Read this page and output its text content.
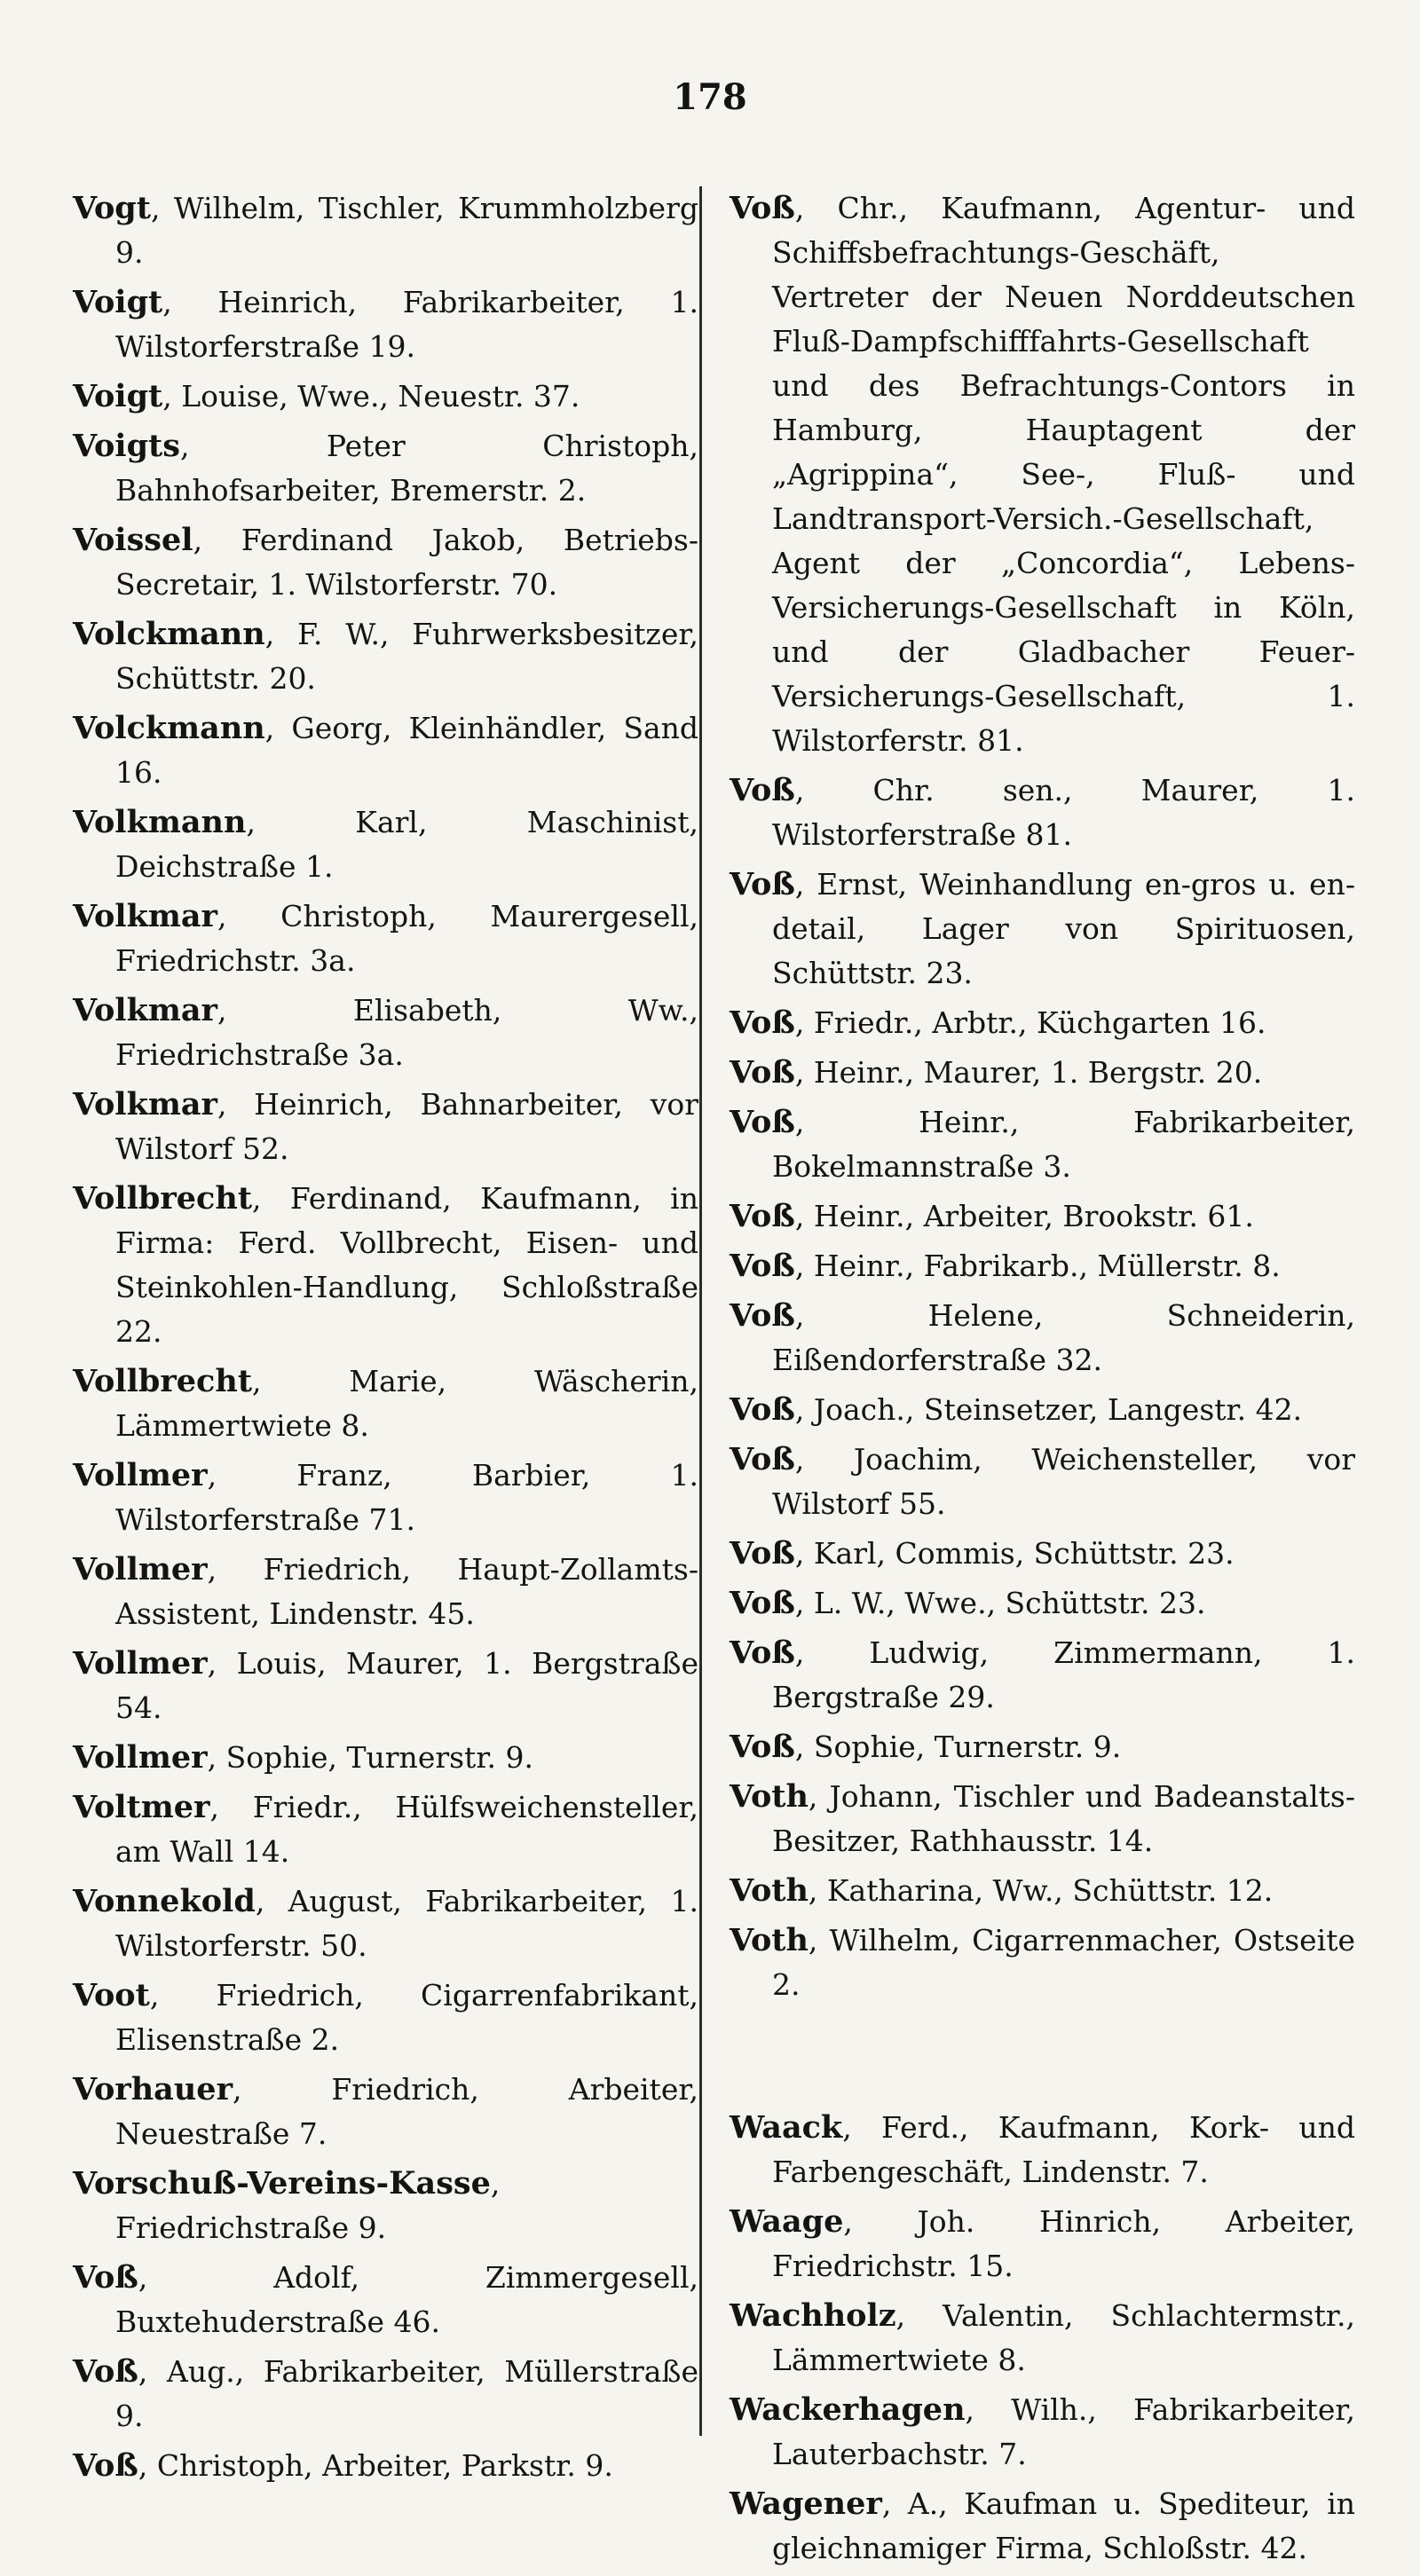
178
Vogt, Wilhelm, Tischler, Krummholzberg 9.
Voigt, Heinrich, Fabrikarbeiter, 1. Wilstorferstraße 19.
Voigt, Louise, Wwe., Neuestr. 37.
Voigts, Peter Christoph, Bahnhofsarbeiter, Bremerstr. 2.
Voissel, Ferdinand Jakob, Betriebs-Secretair, 1. Wilstorferstr. 70.
Volckmann, F. W., Fuhrwerksbesitzer, Schüttstr. 20.
Volckmann, Georg, Kleinhändler, Sand 16.
Volkmann, Karl, Maschinist, Deichstraße 1.
Volkmar, Christoph, Maurergesell, Friedrichstr. 3a.
Volkmar, Elisabeth, Ww., Friedrichstraße 3a.
Volkmar, Heinrich, Bahnarbeiter, vor Wilstorf 52.
Vollbrecht, Ferdinand, Kaufmann, in Firma: Ferd. Vollbrecht, Eisen- und Steinkohlen-Handlung, Schloßstraße 22.
Vollbrecht, Marie, Wäscherin, Lämmertwiete 8.
Vollmer, Franz, Barbier, 1. Wilstorferstraße 71.
Vollmer, Friedrich, Haupt-Zollamts-Assistent, Lindenstr. 45.
Vollmer, Louis, Maurer, 1. Bergstraße 54.
Vollmer, Sophie, Turnerstr. 9.
Voltmer, Friedr., Hülfsweichensteller, am Wall 14.
Vonnekold, August, Fabrikarbeiter, 1. Wilstorferstr. 50.
Voot, Friedrich, Cigarrenfabrikant, Elisenstraße 2.
Vorhauer, Friedrich, Arbeiter, Neuestraße 7.
Vorschuß-Vereins-Kasse, Friedrichstraße 9.
Voß, Adolf, Zimmergesell, Buxtehuderstraße 46.
Voß, Aug., Fabrikarbeiter, Müllerstraße 9.
Voß, Christoph, Arbeiter, Parkstr. 9.
Voß, Chr., Kaufmann, Agentur- und Schiffsbefrachtungs-Geschäft, Vertreter der Neuen Norddeutschen Fluß-Dampfschifffahrts-Gesellschaft und des Befrachtungs-Contors in Hamburg, Hauptagent der „Agrippina“, See-, Fluß- und Landtransport-Versich.-Gesellschaft, Agent der „Concordia“, Lebens-Versicherungs-Gesellschaft in Köln, und der Gladbacher Feuer-Versicherungs-Gesellschaft, 1. Wilstorferstr. 81.
Voß, Chr. sen., Maurer, 1. Wilstorferstraße 81.
Voß, Ernst, Weinhandlung en-gros u. en-detail, Lager von Spirituosen, Schüttstr. 23.
Voß, Friedr., Arbtr., Küchgarten 16.
Voß, Heinr., Maurer, 1. Bergstr. 20.
Voß, Heinr., Fabrikarbeiter, Bokelmannstraße 3.
Voß, Heinr., Arbeiter, Brookstr. 61.
Voß, Heinr., Fabrikarb., Müllerstr. 8.
Voß, Helene, Schneiderin, Eißendorferstraße 32.
Voß, Joach., Steinsetzer, Langestr. 42.
Voß, Joachim, Weichensteller, vor Wilstorf 55.
Voß, Karl, Commis, Schüttstr. 23.
Voß, L. W., Wwe., Schüttstr. 23.
Voß, Ludwig, Zimmermann, 1. Bergstraße 29.
Voß, Sophie, Turnerstr. 9.
Voth, Johann, Tischler und Badeanstalts-Besitzer, Rathhausstr. 14.
Voth, Katharina, Ww., Schüttstr. 12.
Voth, Wilhelm, Cigarrenmacher, Ostseite 2.
Waack, Ferd., Kaufmann, Kork- und Farbengeschäft, Lindenstr. 7.
Waage, Joh. Hinrich, Arbeiter, Friedrichstr. 15.
Wachholz, Valentin, Schlachtermstr., Lämmertwiete 8.
Wackerhagen, Wilh., Fabrikarbeiter, Lauterbachstr. 7.
Wagener, A., Kaufman u. Spediteur, in gleichnamiger Firma, Schloßstr. 42.
